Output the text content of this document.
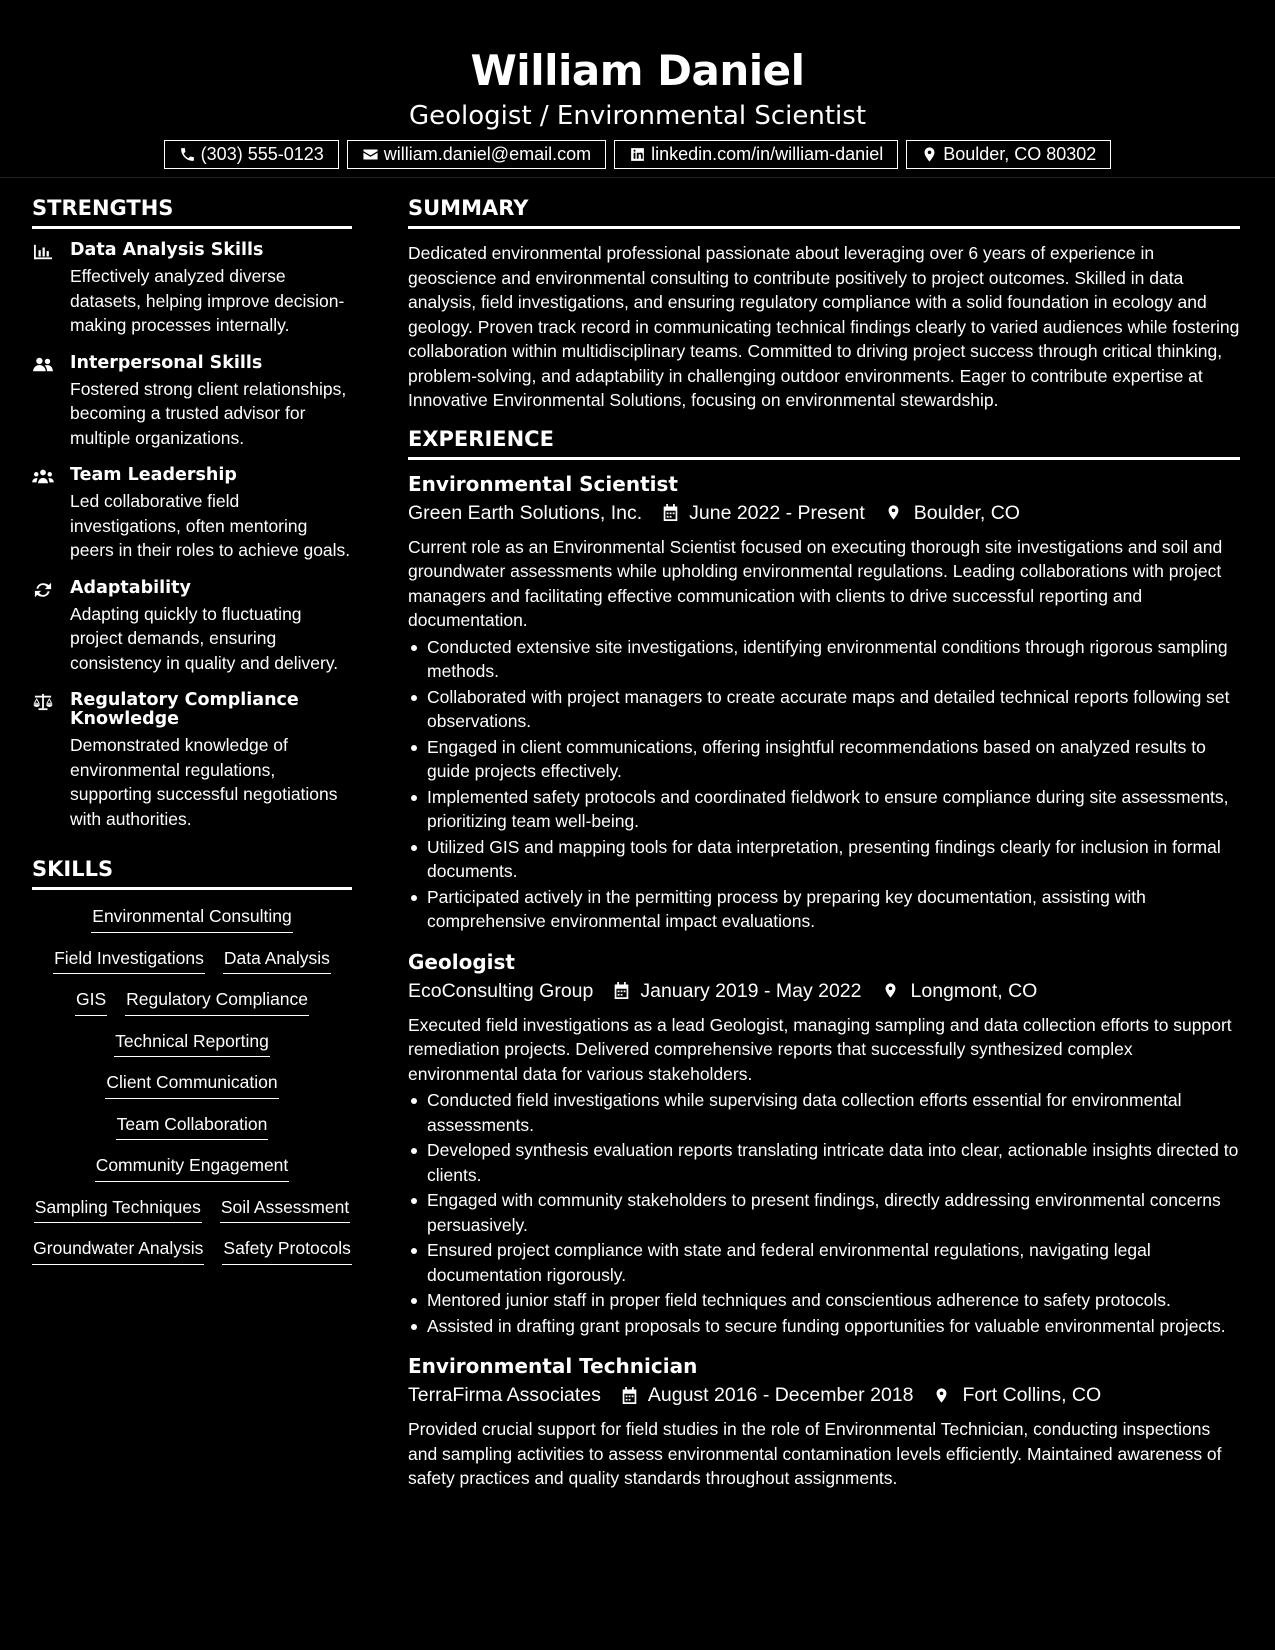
William Daniel
Geologist / Environmental Scientist
(303) 555-0123	william.daniel@email.com	linkedin.com/in/william-daniel	Boulder, CO 80302
STRENGTHS
Data Analysis Skills
Effectively analyzed diverse datasets, helping improve decision-making processes internally.
Interpersonal Skills
Fostered strong client relationships, becoming a trusted advisor for multiple organizations.
Team Leadership
Led collaborative field investigations, often mentoring peers in their roles to achieve goals.
Adaptability
Adapting quickly to fluctuating project demands, ensuring consistency in quality and delivery.
Regulatory Compliance Knowledge
Demonstrated knowledge of environmental regulations, supporting successful negotiations with authorities.
SKILLS
Environmental Consulting
Field Investigations Data Analysis
GIS Regulatory Compliance
Technical Reporting
Client Communication
Team Collaboration
Community Engagement
Sampling Techniques Soil Assessment
Groundwater Analysis Safety Protocols
SUMMARY

Dedicated environmental professional passionate about leveraging over 6 years of experience in geoscience and environmental consulting to contribute positively to project outcomes. Skilled in data analysis, field investigations, and ensuring regulatory compliance with a solid foundation in ecology and geology. Proven track record in communicating technical findings clearly to varied audiences while fostering collaboration within multidisciplinary teams. Committed to driving project success through critical thinking, problem-solving, and adaptability in challenging outdoor environments. Eager to contribute expertise at Innovative Environmental Solutions, focusing on environmental stewardship.

EXPERIENCE
Environmental Scientist
Green Earth Solutions, Inc. June 2022 - Present	Boulder, CO

Current role as an Environmental Scientist focused on executing thorough site investigations and soil and groundwater assessments while upholding environmental regulations. Leading collaborations with project managers and facilitating effective communication with clients to drive successful reporting and documentation.

Conducted extensive site investigations, identifying environmental conditions through rigorous sampling methods.
Collaborated with project managers to create accurate maps and detailed technical reports following set observations.
Engaged in client communications, offering insightful recommendations based on analyzed results to guide projects effectively.
Implemented safety protocols and coordinated fieldwork to ensure compliance during site assessments, prioritizing team well-being.
Utilized GIS and mapping tools for data interpretation, presenting findings clearly for inclusion in formal documents.
Participated actively in the permitting process by preparing key documentation, assisting with comprehensive environmental impact evaluations.
Geologist
EcoConsulting Group January 2019 - May 2022	Longmont, CO

Executed field investigations as a lead Geologist, managing sampling and data collection efforts to support remediation projects. Delivered comprehensive reports that successfully synthesized complex environmental data for various stakeholders.

Conducted field investigations while supervising data collection efforts essential for environmental assessments.
Developed synthesis evaluation reports translating intricate data into clear, actionable insights directed to clients.
Engaged with community stakeholders to present findings, directly addressing environmental concerns persuasively.
Ensured project compliance with state and federal environmental regulations, navigating legal documentation rigorously.
Mentored junior staff in proper field techniques and conscientious adherence to safety protocols.
Assisted in drafting grant proposals to secure funding opportunities for valuable environmental projects.
Environmental Technician
TerraFirma Associates August 2016 - December 2018	Fort Collins, CO

Provided crucial support for field studies in the role of Environmental Technician, conducting inspections and sampling activities to assess environmental contamination levels efficiently. Maintained awareness of safety practices and quality standards throughout assignments.
